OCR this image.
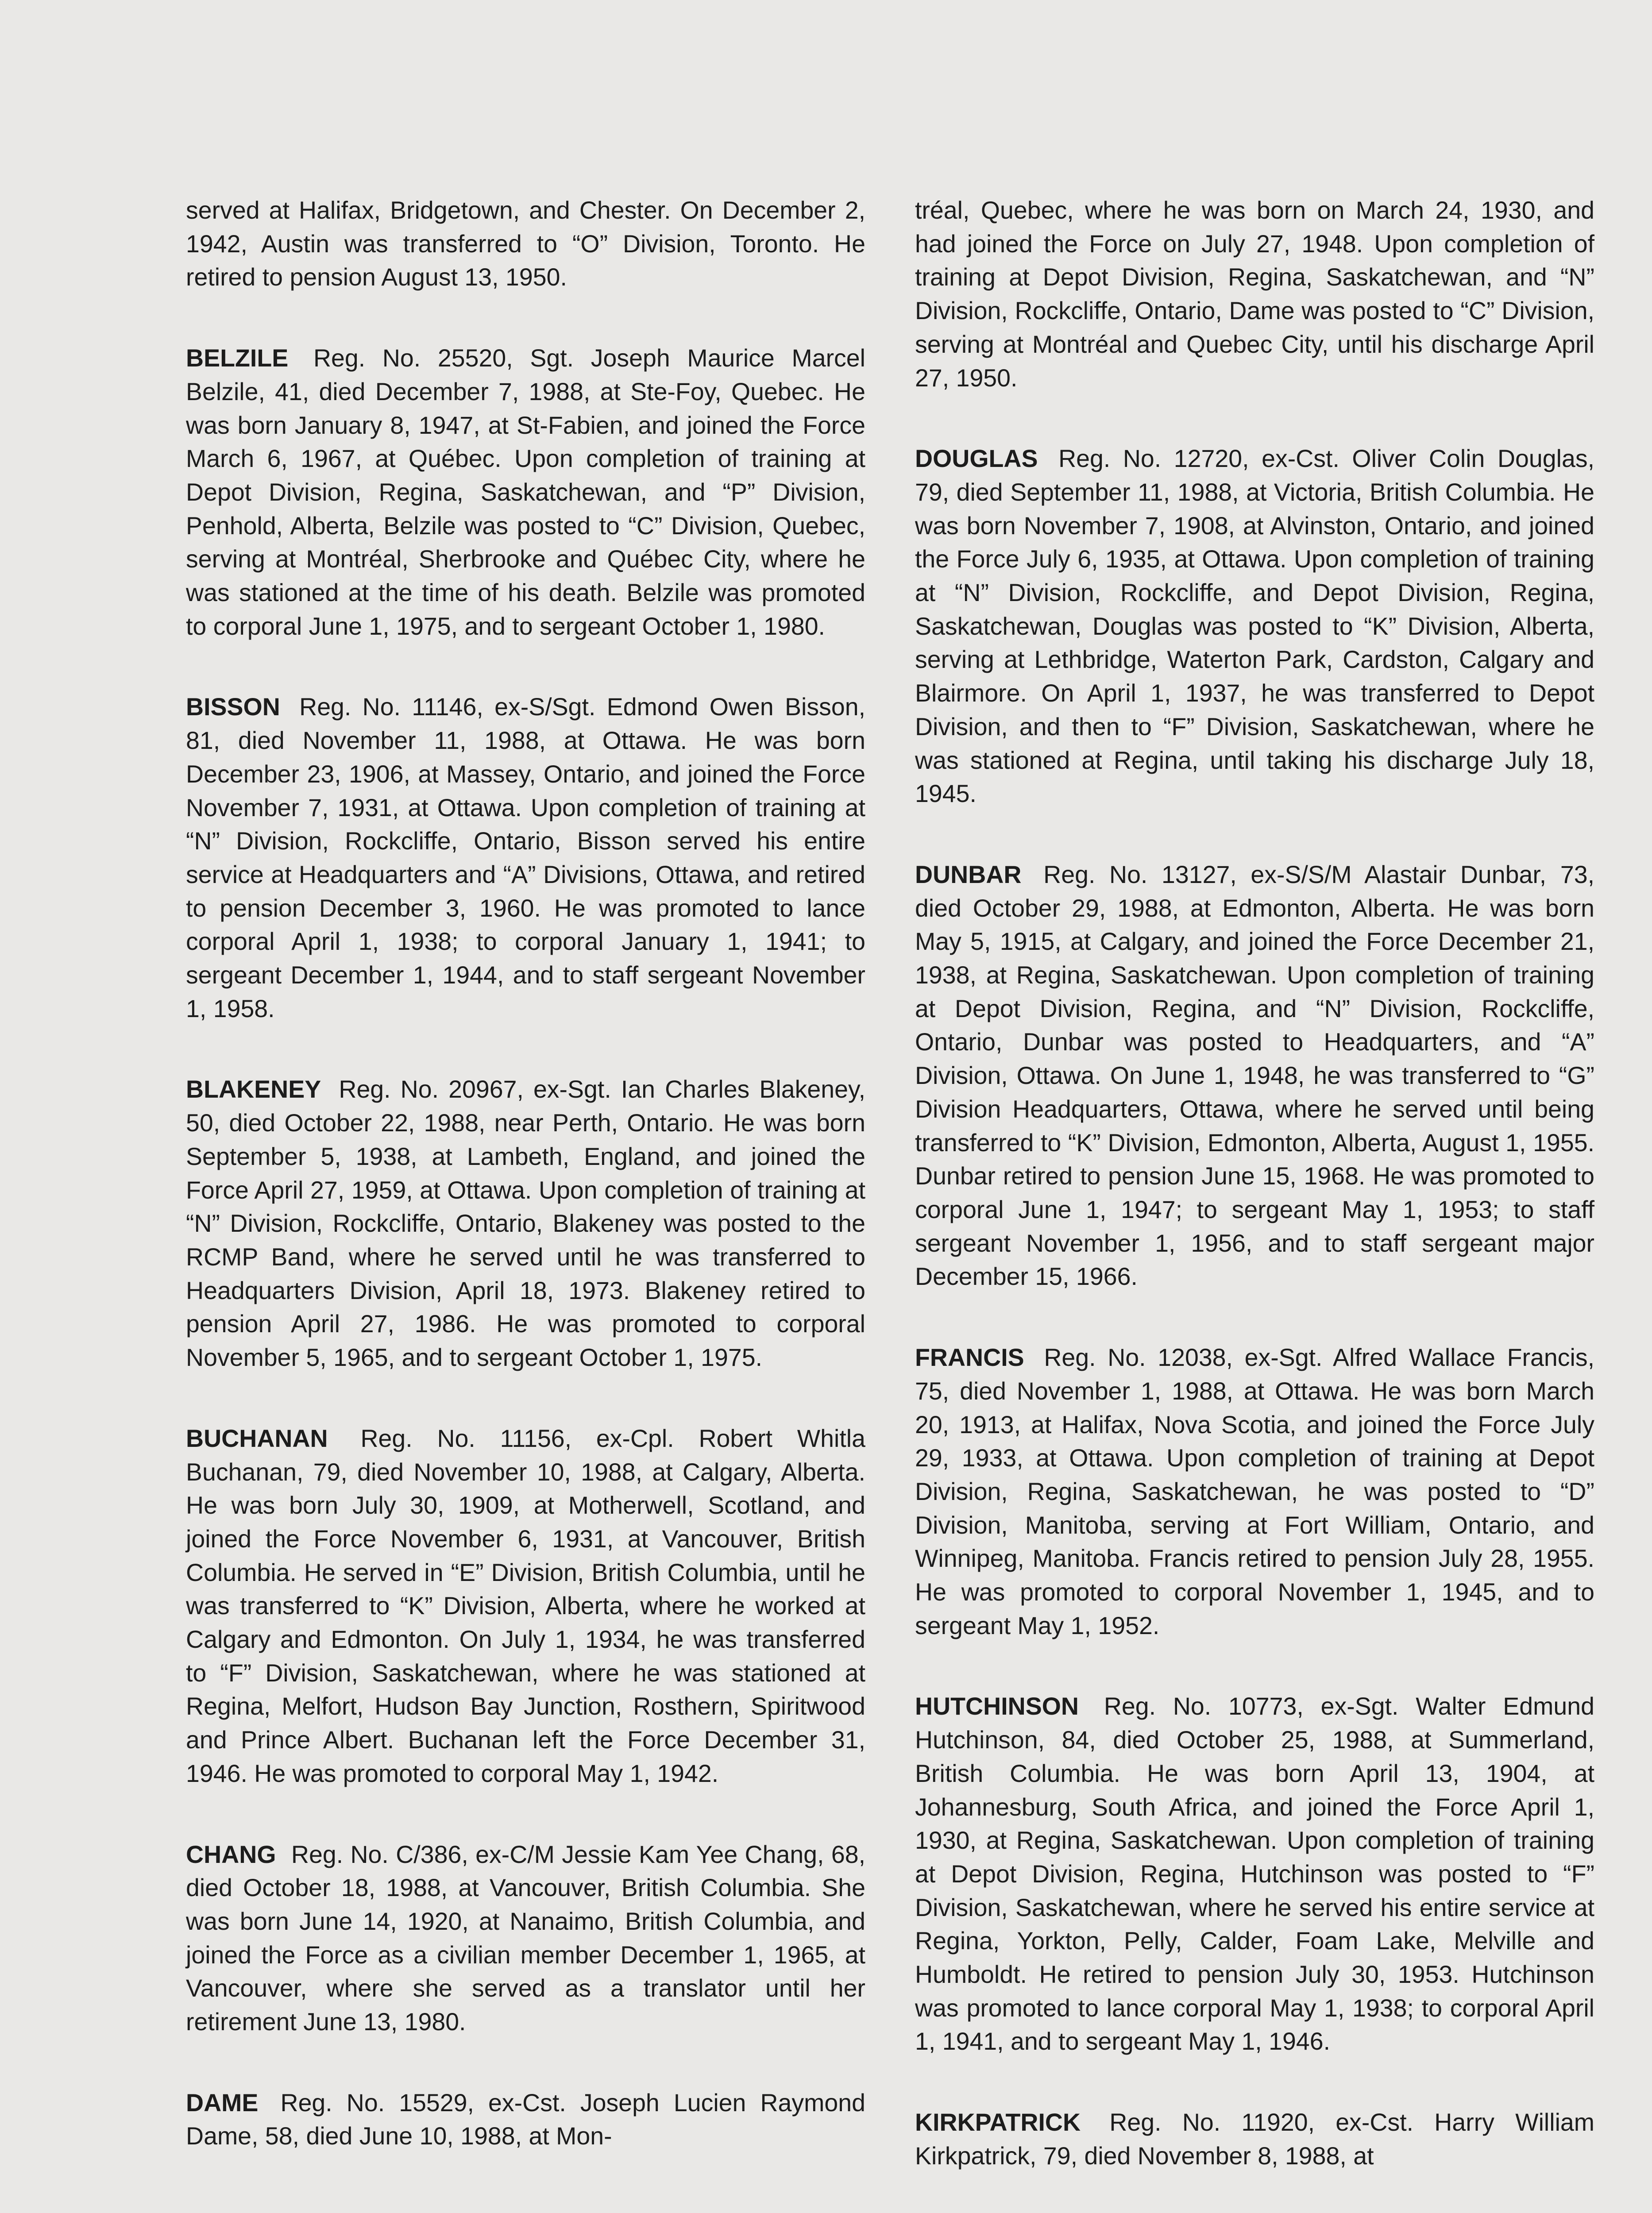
served at Halifax, Bridgetown, and Chester. On December 2, 1942, Austin was transferred to “O” Division, Toronto. He retired to pension August 13, 1950.

BELZILE Reg. No. 25520, Sgt. Joseph Maurice Marcel Belzile, 41, died December 7, 1988, at Ste-Foy, Quebec. He was born January 8, 1947, at St-Fabien, and joined the Force March 6, 1967, at Québec. Upon completion of training at Depot Division, Regina, Saskatchewan, and “P” Division, Penhold, Alberta, Belzile was posted to “C” Division, Quebec, serving at Montréal, Sherbrooke and Québec City, where he was stationed at the time of his death. Belzile was promoted to corporal June 1, 1975, and to sergeant October 1, 1980.

BISSON Reg. No. 11146, ex-S/Sgt. Edmond Owen Bisson, 81, died November 11, 1988, at Ottawa. He was born December 23, 1906, at Massey, Ontario, and joined the Force November 7, 1931, at Ottawa. Upon completion of training at “N” Division, Rockcliffe, Ontario, Bisson served his entire service at Headquarters and “A” Divisions, Ottawa, and retired to pension December 3, 1960. He was promoted to lance corporal April 1, 1938; to corporal January 1, 1941; to sergeant December 1, 1944, and to staff sergeant November 1, 1958.

BLAKENEY Reg. No. 20967, ex-Sgt. Ian Charles Blakeney, 50, died October 22, 1988, near Perth, Ontario. He was born September 5, 1938, at Lambeth, England, and joined the Force April 27, 1959, at Ottawa. Upon completion of training at “N” Division, Rockcliffe, Ontario, Blakeney was posted to the RCMP Band, where he served until he was transferred to Headquarters Division, April 18, 1973. Blakeney retired to pension April 27, 1986. He was promoted to corporal November 5, 1965, and to sergeant October 1, 1975.

BUCHANAN Reg. No. 11156, ex-Cpl. Robert Whitla Buchanan, 79, died November 10, 1988, at Calgary, Alberta. He was born July 30, 1909, at Motherwell, Scotland, and joined the Force November 6, 1931, at Vancouver, British Columbia. He served in “E” Division, British Columbia, until he was transferred to “K” Division, Alberta, where he worked at Calgary and Edmonton. On July 1, 1934, he was transferred to “F” Division, Saskatchewan, where he was stationed at Regina, Melfort, Hudson Bay Junction, Rosthern, Spiritwood and Prince Albert. Buchanan left the Force December 31, 1946. He was promoted to corporal May 1, 1942.

CHANG Reg. No. C/386, ex-C/M Jessie Kam Yee Chang, 68, died October 18, 1988, at Vancouver, British Columbia. She was born June 14, 1920, at Nanaimo, British Columbia, and joined the Force as a civilian member December 1, 1965, at Vancouver, where she served as a translator until her retirement June 13, 1980.

DAME Reg. No. 15529, ex-Cst. Joseph Lucien Raymond Dame, 58, died June 10, 1988, at Mon-

tréal, Quebec, where he was born on March 24, 1930, and had joined the Force on July 27, 1948. Upon completion of training at Depot Division, Regina, Saskatchewan, and “N” Division, Rockcliffe, Ontario, Dame was posted to “C” Division, serving at Montréal and Quebec City, until his discharge April 27, 1950.

DOUGLAS Reg. No. 12720, ex-Cst. Oliver Colin Douglas, 79, died September 11, 1988, at Victoria, British Columbia. He was born November 7, 1908, at Alvinston, Ontario, and joined the Force July 6, 1935, at Ottawa. Upon completion of training at “N” Division, Rockcliffe, and Depot Division, Regina, Saskatchewan, Douglas was posted to “K” Division, Alberta, serving at Lethbridge, Waterton Park, Cardston, Calgary and Blairmore. On April 1, 1937, he was transferred to Depot Division, and then to “F” Division, Saskatchewan, where he was stationed at Regina, until taking his discharge July 18, 1945.

DUNBAR Reg. No. 13127, ex-S/S/M Alastair Dunbar, 73, died October 29, 1988, at Edmonton, Alberta. He was born May 5, 1915, at Calgary, and joined the Force December 21, 1938, at Regina, Saskatchewan. Upon completion of training at Depot Division, Regina, and “N” Division, Rockcliffe, Ontario, Dunbar was posted to Headquarters, and “A” Division, Ottawa. On June 1, 1948, he was transferred to “G” Division Headquarters, Ottawa, where he served until being transferred to “K” Division, Edmonton, Alberta, August 1, 1955. Dunbar retired to pension June 15, 1968. He was promoted to corporal June 1, 1947; to sergeant May 1, 1953; to staff sergeant November 1, 1956, and to staff sergeant major December 15, 1966.

FRANCIS Reg. No. 12038, ex-Sgt. Alfred Wallace Francis, 75, died November 1, 1988, at Ottawa. He was born March 20, 1913, at Halifax, Nova Scotia, and joined the Force July 29, 1933, at Ottawa. Upon completion of training at Depot Division, Regina, Saskatchewan, he was posted to “D” Division, Manitoba, serving at Fort William, Ontario, and Winnipeg, Manitoba. Francis retired to pension July 28, 1955. He was promoted to corporal November 1, 1945, and to sergeant May 1, 1952.

HUTCHINSON Reg. No. 10773, ex-Sgt. Walter Edmund Hutchinson, 84, died October 25, 1988, at Summerland, British Columbia. He was born April 13, 1904, at Johannesburg, South Africa, and joined the Force April 1, 1930, at Regina, Saskatchewan. Upon completion of training at Depot Division, Regina, Hutchinson was posted to “F” Division, Saskatchewan, where he served his entire service at Regina, Yorkton, Pelly, Calder, Foam Lake, Melville and Humboldt. He retired to pension July 30, 1953. Hutchinson was promoted to lance corporal May 1, 1938; to corporal April 1, 1941, and to sergeant May 1, 1946.

KIRKPATRICK Reg. No. 11920, ex-Cst. Harry William Kirkpatrick, 79, died November 8, 1988, at
